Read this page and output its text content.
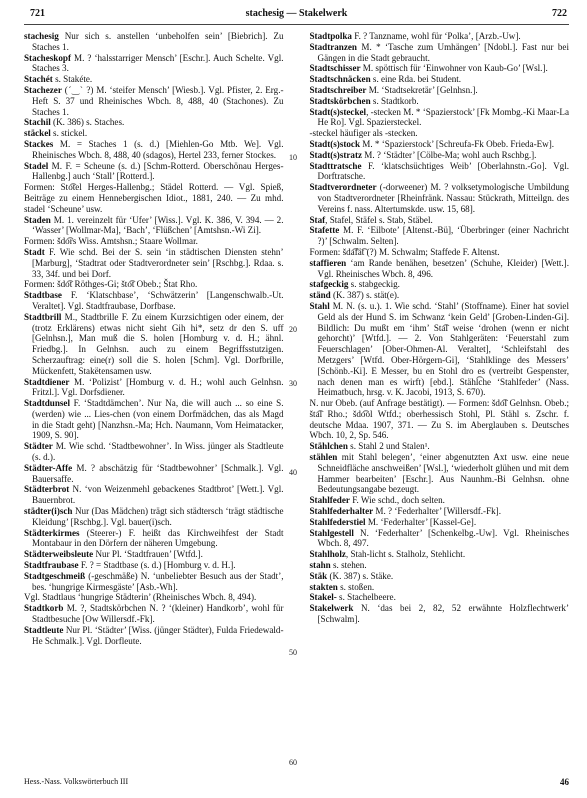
721	stachesig — Stakelwerk	722

stachesig Nur sich s. anstellen ‘unbeholfen sein’ [Biebrich]. Zu Staches 1.

Stacheskopf M. ? ‘halsstarriger Mensch’ [Eschr.]. Auch Schelte. Vgl. Staches 3.

Stachét s. Stakéte.

Stachezer (ˊ‿ˋ ?) M. ‘steifer Mensch’ [Wiesb.]. Vgl. Pfister, 2. Erg.-Heft S. 37 und Rheinisches Wbch. 8, 488, 40 (Stachones). Zu Staches 1.

Stachil (K. 386) s. Staches.

stäckel s. stickel.

Stackes M. = Staches 1 (s. d.) [Miehlen-Go Mtb. We]. Vgl. Rheinisches Wbch. 8, 488, 40 (sdagos), Hertel 233, ferner Stockes.

Stadel M. F. = Scheune (s. d.) [Schm-Rotterd. Oberschönau Herges-Hallenbg.] auch ‘Stall’ [Rotterd.].

Formen: Sto͡tel Herges-Hallenbg.; Städel Rotterd. — Vgl. Spieß, Beiträge zu einem Hennebergischen Idiot., 1881, 240. — Zu mhd. stadel ‘Scheune’ usw.

Staden M. 1. vereinzelt für ‘Ufer’ [Wiss.]. Vgl. K. 386, V. 394. — 2. ‘Wasser’ [Wollmar-Ma], ‘Bach’, ‘Flüßchen’ [Amtshsn.-Wi Zi].

Formen: šdo͡rs Wiss. Amtshsn.; Staare Wollmar.

Stadt F. Wie schd. Bei der S. sein ‘in städtischen Diensten stehn’ [Marburg], ‘Stadtrat oder Stadtverordneter sein’ [Rschbg.]. Rdaa. s. 33, 34f. und bei Dorf.

Formen: šdo͡t Röthges-Gi; što͡t Obeb.; Štat Rho.

Stadtbase F. ‘Klatschbase’, ‘Schwätzerin’ [Langenschwalb.-Ut. Veraltet]. Vgl. Stadtfraubase, Dorfbase.

Stadtbrill M., Stadtbrille F. Zu einem Kurzsichtigen oder einem, der (trotz Erklärens) etwas nicht sieht Gih hi*, setz dr den S. uff [Gelnhsn.], Man muß die S. holen [Homburg v. d. H.; ähnl. Friedbg.]. In Gelnhsn. auch zu einem Begriffsstutzigen. Scherzauftrag: eine(r) soll die S. holen [Schm]. Vgl. Dorfbrille, Mückenfett, Stakëtensamen usw.

Stadtdiener M. ‘Polizist’ [Homburg v. d. H.; wohl auch Gelnhsn. Fritzl.]. Vgl. Dorfsdiener.

Stadtdunsel F. ‘Stadtdämchen’. Nur Na, die will auch ... so eine S. (werden) wie ... Lies-chen (von einem Dorfmädchen, das als Magd in die Stadt geht) [Nanzhsn.-Ma; Hch. Naumann, Vom Heimatacker, 1909, S. 90].

Städter M. Wie schd. ‘Stadtbewohner’. In Wiss. jünger als Stadtleute (s. d.).

Städter-Affe M. ? abschätzig für ‘Stadtbewohner’ [Schmalk.]. Vgl. Bauersaffe.

Städterbrot N. ‘von Weizenmehl gebackenes Stadtbrot’ [Wett.]. Vgl. Bauernbrot.

städter(i)sch Nur (Das Mädchen) trägt sich städtersch ‘trägt städtische Kleidung’ [Rschbg.]. Vgl. bauer(i)sch.

Städterkirmes (Steerer-) F. heißt das Kirchweihfest der Stadt Montabaur in den Dörfern der näheren Umgebung.

Städterweibsleute Nur Pl. ‘Stadtfrauen’ [Wtfd.].

Stadtfraubase F. ? = Stadtbase (s. d.) [Homburg v. d. H.].

Stadtgeschmeiß (-geschmäße) N. ‘unbeliebter Besuch aus der Stadt’, bes. ‘hungrige Kirmesgäste’ [Asb.-Wh].

Vgl. Stadtlaus ‘hungrige Städterin’ (Rheinisches Wbch. 8, 494).

Stadtkorb M. ?, Stadtskörbchen N. ? ‘(kleiner) Handkorb’, wohl für Stadtbesuche [Ow Willersdf.-Fk].

Stadtleute Nur Pl. ‘Städter’ [Wiss. (jünger Städter), Fulda Friedewald-He Schmalk.]. Vgl. Dorfleute.

Stadtpolka F. ? Tanzname, wohl für ‘Polka’, [Arzb.-Uw].

Stadtranzen M. * ‘Tasche zum Umhängen’ [Ndobl.]. Fast nur bei Gängen in die Stadt gebraucht.

Stadtschisser M. spöttisch für ‘Einwohner von Kaub-Go’ [Wsl.].

Stadtschnäcken s. eine Rda. bei Student.

Stadtschreiber M. ‘Stadtsekretär’ [Gelnhsn.].

Stadtskörbchen s. Stadtkorb.

Stadt(s)steckel, -stecken M. * ‘Spazierstock’ [Fk Mombg.-Ki Maar-La He Ro]. Vgl. Spaziersteckel.

-steckel häufiger als -stecken.

Stadt(s)stock M. * ‘Spazierstock’ [Schreufa-Fk Obeb. Frieda-Ew].

Stadt(s)stratz M. ? ‘Städter’ [Cölbe-Ma; wohl auch Rschbg.].

Stadttratsche F. ‘klatschsüchtiges Weib’ [Oberlahnstn.-Go]. Vgl. Dorftratsche.

Stadtverordneter (-dorweener) M. ? volksetymologische Umbildung von Stadtverordneter [Rheinfränk. Nassau: Stückrath, Mitteilgn. des Vereins f. nass. Altertumskde. usw. 15, 68].

Staf, Stafel, Stäfel s. Stab, Stäbel.

Stafette M. F. ‘Eilbote’ [Altenst.-Bü], ‘Überbringer (einer Nachricht ?)’ [Schwalm. Selten].

Formen: šda͡fä͡t (?) M. Schwalm; Staffede F. Altenst.

staffieren ‘am Rande benähen, besetzen’ (Schuhe, Kleider) [Wett.]. Vgl. Rheinisches Wbch. 8, 496.

stafgeckig s. stabgeckig.

ständ (K. 387) s. stät(e).

Stahl M. N. (s. u.). 1. Wie schd. ‘Stahl’ (Stoffname). Einer hat soviel Geld als der Hund S. im Schwanz ‘kein Geld’ [Groben-Linden-Gi]. Bildlich: Du mußt em ‘ihm’ Sta͡l weise ‘drohen (wenn er nicht gehorcht)’ [Wtfd.]. — 2. Von Stahlgeräten: ‘Feuerstahl zum Feuerschlagen’ [Ober-Ohmen-Al. Veraltet], ‘Schleifstahl des Metzgers’ [Wtfd. Ober-Hörgern-Gi], ‘Stahlklinge des Messers’ [Schönb.-Ki]. E Messer, bu en Stohl dro es (vertreibt Gespenster, nach denen man es wirft) [ebd.]. Stähl͡che ‘Stahlfeder’ (Nass. Heimatbuch, hrsg. v. K. Jacobi, 1913, S. 670).

N. nur Obeb. (auf Anfrage bestätigt). — Formen: šdo͡l Gelnhsn. Obeb.; šta͡l Rho.; šdo͡ol Wtfd.; oberhessisch Stohl, Pl. Stähl s. Zschr. f. deutsche Mdaa. 1907, 371. — Zu S. im Aberglauben s. Deutsches Wbch. 10, 2, Sp. 546.

Stählchen s. Stahl 2 und Stalen¹.

stählen mit Stahl belegen’, ‘einer abgenutzten Axt usw. eine neue Schneidfläche anschweißen’ [Wsl.], ‘wiederholt glühen und mit dem Hammer bearbeiten’ [Eschr.]. Aus Naunhm.-Bi Gelnhsn. ohne Bedeutungsangabe bezeugt.

Stahlfeder F. Wie schd., doch selten.

Stahlfederhalter M. ? ‘Federhalter’ [Willersdf.-Fk].

Stahlfederstiel M. ‘Federhalter’ [Kassel-Ge].

Stahlgestell N. ‘Federhalter’ [Schenkelbg.-Uw]. Vgl. Rheinisches Wbch. 8, 497.

Stahlholz, Stah-licht s. Stalholz, Stehlicht.

stahn s. stehen.

Stäk (K. 387) s. Stäke.

stakten s. stoßen.

Stakel- s. Stachelbeere.

Stakelwerk N. ‘das bei 2, 82, 52 erwähnte Holzflechtwerk’ [Schwalm].

10
20
30
40
50
60
Hess.-Nass. Volkswörterbuch III	46
